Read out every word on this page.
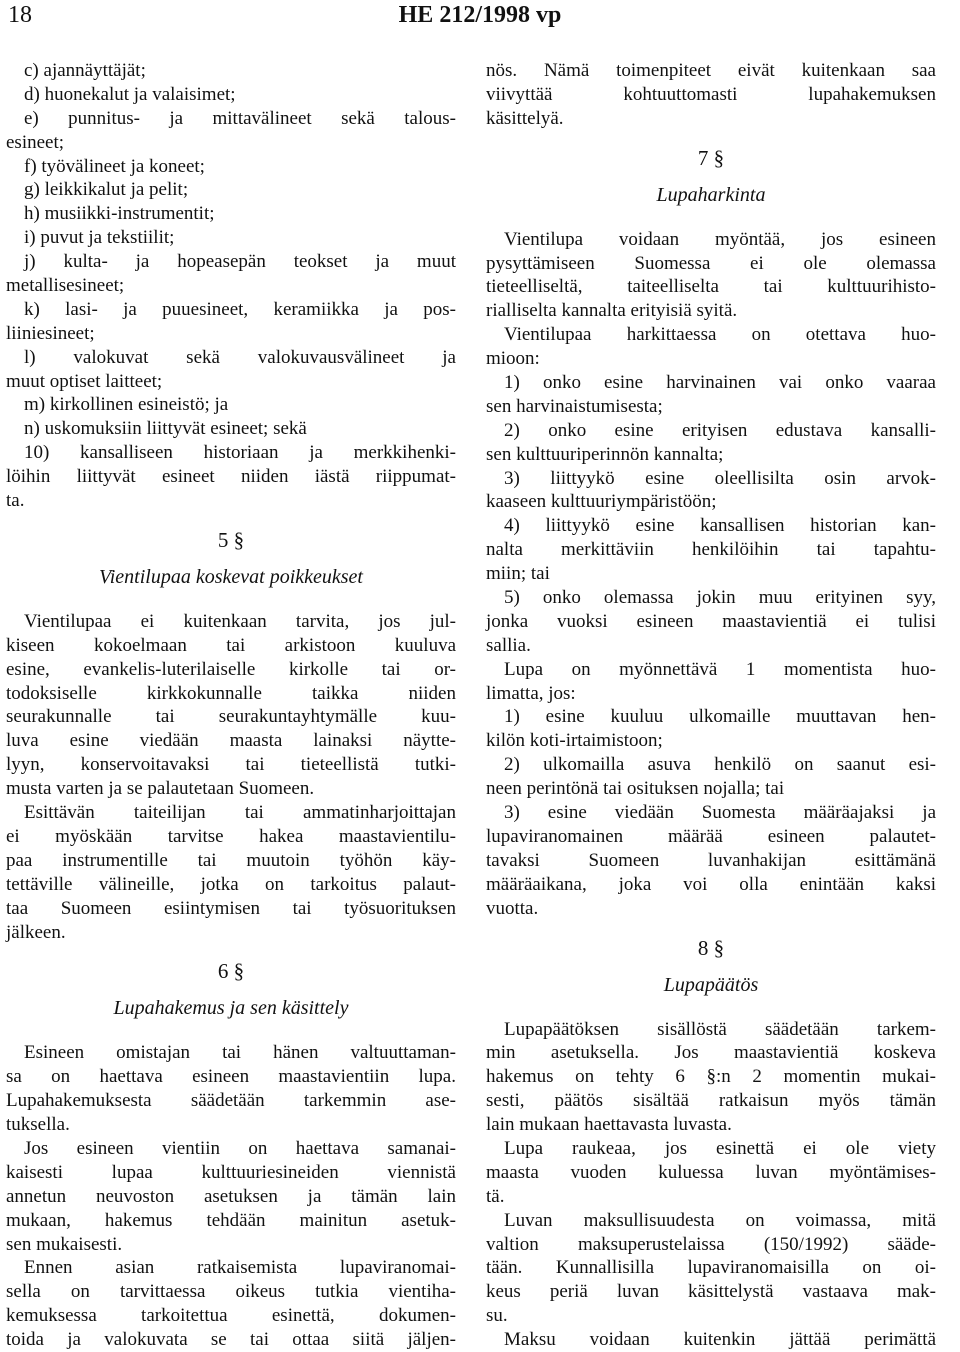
18	HE 212/1998 vp
c) ajannäyttäjät;
d) huonekalut ja valaisimet;
e) punnitus- ja mittavälineet sekä talous-
esineet;
f) työvälineet ja koneet;
g) leikkikalut ja pelit;
h) musiikki-instrumentit;
i) puvut ja tekstiilit;
j) kulta- ja hopeasepän teokset ja muut
metallisesineet;
k) lasi- ja puuesineet, keramiikka ja pos-
liiniesineet;
l) valokuvat sekä valokuvausvälineet ja
muut optiset laitteet;
m) kirkollinen esineistö; ja
n) uskomuksiin liittyvät esineet; sekä
10) kansalliseen historiaan ja merkkihenki-
löihin liittyvät esineet niiden iästä riippumat-
ta.
5 §
Vientilupaa koskevat poikkeukset
Vientilupaa ei kuitenkaan tarvita, jos jul-
kiseen kokoelmaan tai arkistoon kuuluva
esine, evankelis-luterilaiselle kirkolle tai or-
todoksiselle kirkkokunnalle taikka niiden
seurakunnalle tai seurakuntayhtymälle kuu-
luva esine viedään maasta lainaksi näytte-
lyyn, konservoitavaksi tai tieteellistä tutki-
musta varten ja se palautetaan Suomeen.
Esittävän taiteilijan tai ammatinharjoittajan
ei myöskään tarvitse hakea maastavientilu-
paa instrumentille tai muutoin työhön käy-
tettäville välineille, jotka on tarkoitus palaut-
taa Suomeen esiintymisen tai työsuorituksen
jälkeen.
6 §
Lupahakemus ja sen käsittely
Esineen omistajan tai hänen valtuuttaman-
sa on haettava esineen maastavientiin lupa.
Lupahakemuksesta säädetään tarkemmin ase-
tuksella.
Jos esineen vientiin on haettava samanai-
kaisesti lupaa kulttuuriesineiden viennistä
annetun neuvoston asetuksen ja tämän lain
mukaan, hakemus tehdään mainitun asetuk-
sen mukaisesti.
Ennen asian ratkaisemista lupaviranomai-
sella on tarvittaessa oikeus tutkia vientiha-
kemuksessa tarkoitettua esinettä, dokumen-
toida ja valokuvata se tai ottaa siitä jäljen-
nös. Nämä toimenpiteet eivät kuitenkaan saa
viivyttää kohtuuttomasti lupahakemuksen
käsittelyä.
7 §
Lupaharkinta
Vientilupa voidaan myöntää, jos esineen
pysyttämiseen Suomessa ei ole olemassa
tieteelliseltä, taiteelliselta tai kulttuurihisto-
rialliselta kannalta erityisiä syitä.
Vientilupaa harkittaessa on otettava huo-
mioon:
1) onko esine harvinainen vai onko vaaraa
sen harvinaistumisesta;
2) onko esine erityisen edustava kansalli-
sen kulttuuriperinnön kannalta;
3) liittyykö esine oleellisilta osin arvok-
kaaseen kulttuuriympäristöön;
4) liittyykö esine kansallisen historian kan-
nalta merkittäviin henkilöihin tai tapahtu-
miin; tai
5) onko olemassa jokin muu erityinen syy,
jonka vuoksi esineen maastavientiä ei tulisi
sallia.
Lupa on myönnettävä 1 momentista huo-
limatta, jos:
1) esine kuuluu ulkomaille muuttavan hen-
kilön koti-irtaimistoon;
2) ulkomailla asuva henkilö on saanut esi-
neen perintönä tai osituksen nojalla; tai
3) esine viedään Suomesta määräajaksi ja
lupaviranomainen määrää esineen palautet-
tavaksi Suomeen luvanhakijan esittämänä
määräaikana, joka voi olla enintään kaksi
vuotta.
8 §
Lupapäätös
Lupapäätöksen sisällöstä säädetään tarkem-
min asetuksella. Jos maastavientiä koskeva
hakemus on tehty 6 §:n 2 momentin mukai-
sesti, päätös sisältää ratkaisun myös tämän
lain mukaan haettavasta luvasta.
Lupa raukeaa, jos esinettä ei ole viety
maasta vuoden kuluessa luvan myöntämises-
tä.
Luvan maksullisuudesta on voimassa, mitä
valtion maksuperustelaissa (150/1992) sääde-
tään. Kunnallisilla lupaviranomaisilla on oi-
keus periä luvan käsittelystä vastaava mak-
su.
Maksu voidaan kuitenkin jättää perimättä
